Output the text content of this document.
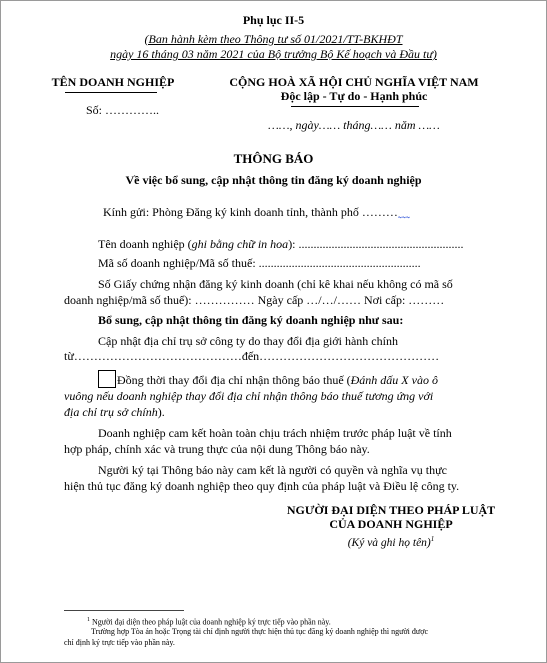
Phụ lục II-5
(Ban hành kèm theo Thông tư số 01/2021/TT-BKHĐT
ngày 16 tháng 03 năm 2021 của Bộ trưởng Bộ Kế hoạch và Đầu tư)
TÊN DOANH NGHIỆP
Số: …………..
CỘNG HOÀ XÃ HỘI CHỦ NGHĨA VIỆT NAM
Độc lập - Tự do - Hạnh phúc
……, ngày…… tháng…… năm ……
THÔNG BÁO
Về việc bổ sung, cập nhật thông tin đăng ký doanh nghiệp
Kính gửi: Phòng Đăng ký kinh doanh tỉnh, thành phố ………˷˷˷
Tên doanh nghiệp (ghi bằng chữ in hoa): .......................................................
Mã số doanh nghiệp/Mã số thuế: ......................................................
Số Giấy chứng nhận đăng ký kinh doanh (chỉ kê khai nếu không có mã số
doanh nghiệp/mã số thuế): …………… Ngày cấp …/…/…… Nơi cấp: ………
Bổ sung, cập nhật thông tin đăng ký doanh nghiệp như sau:
Cập nhật địa chỉ trụ sở công ty do thay đổi địa giới hành chính
từ……………………………………đến………………………………………
Đồng thời thay đổi địa chỉ nhận thông báo thuế (Đánh dấu X vào ô
vuông nếu doanh nghiệp thay đổi địa chỉ nhận thông báo thuế tương ứng với
địa chỉ trụ sở chính).
Doanh nghiệp cam kết hoàn toàn chịu trách nhiệm trước pháp luật về tính
hợp pháp, chính xác và trung thực của nội dung Thông báo này.
Người ký tại Thông báo này cam kết là người có quyền và nghĩa vụ thực
hiện thủ tục đăng ký doanh nghiệp theo quy định của pháp luật và Điều lệ công ty.
NGƯỜI ĐẠI DIỆN THEO PHÁP LUẬT
CỦA DOANH NGHIỆP
(Ký và ghi họ tên)$^1$
$^1$ Người đại diện theo pháp luật của doanh nghiệp ký trực tiếp vào phần này.
Trường hợp Tòa án hoặc Trọng tài chỉ định người thực hiện thủ tục đăng ký doanh nghiệp thì người được
chỉ định ký trực tiếp vào phần này.
